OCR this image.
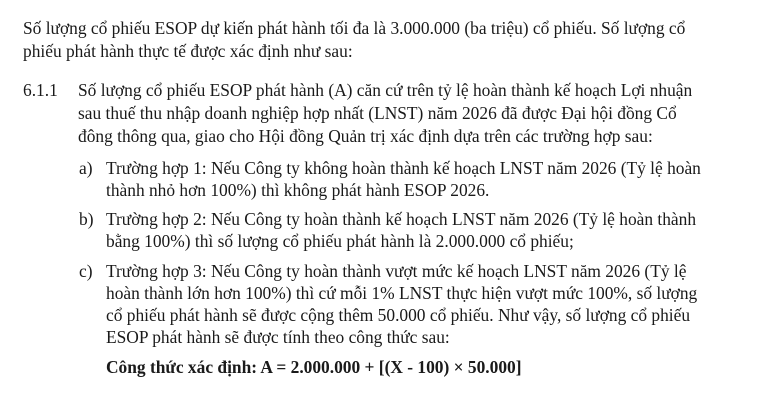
Số lượng cổ phiếu ESOP dự kiến phát hành tối đa là 3.000.000 (ba triệu) cổ phiếu. Số lượng cổ
phiếu phát hành thực tế được xác định như sau:
6.1.1 Số lượng cổ phiếu ESOP phát hành (A) căn cứ trên tỷ lệ hoàn thành kế hoạch Lợi nhuận
sau thuế thu nhập doanh nghiệp hợp nhất (LNST) năm 2026 đã được Đại hội đồng Cổ
đông thông qua, giao cho Hội đồng Quản trị xác định dựa trên các trường hợp sau:
a) Trường hợp 1: Nếu Công ty không hoàn thành kế hoạch LNST năm 2026 (Tỷ lệ hoàn
thành nhỏ hơn 100%) thì không phát hành ESOP 2026.
b) Trường hợp 2: Nếu Công ty hoàn thành kế hoạch LNST năm 2026 (Tỷ lệ hoàn thành
bằng 100%) thì số lượng cổ phiếu phát hành là 2.000.000 cổ phiếu;
c) Trường hợp 3: Nếu Công ty hoàn thành vượt mức kế hoạch LNST năm 2026 (Tỷ lệ
hoàn thành lớn hơn 100%) thì cứ mỗi 1% LNST thực hiện vượt mức 100%, số lượng
cổ phiếu phát hành sẽ được cộng thêm 50.000 cổ phiếu. Như vậy, số lượng cổ phiếu
ESOP phát hành sẽ được tính theo công thức sau:
Công thức xác định: A = 2.000.000 + [(X - 100) × 50.000]
